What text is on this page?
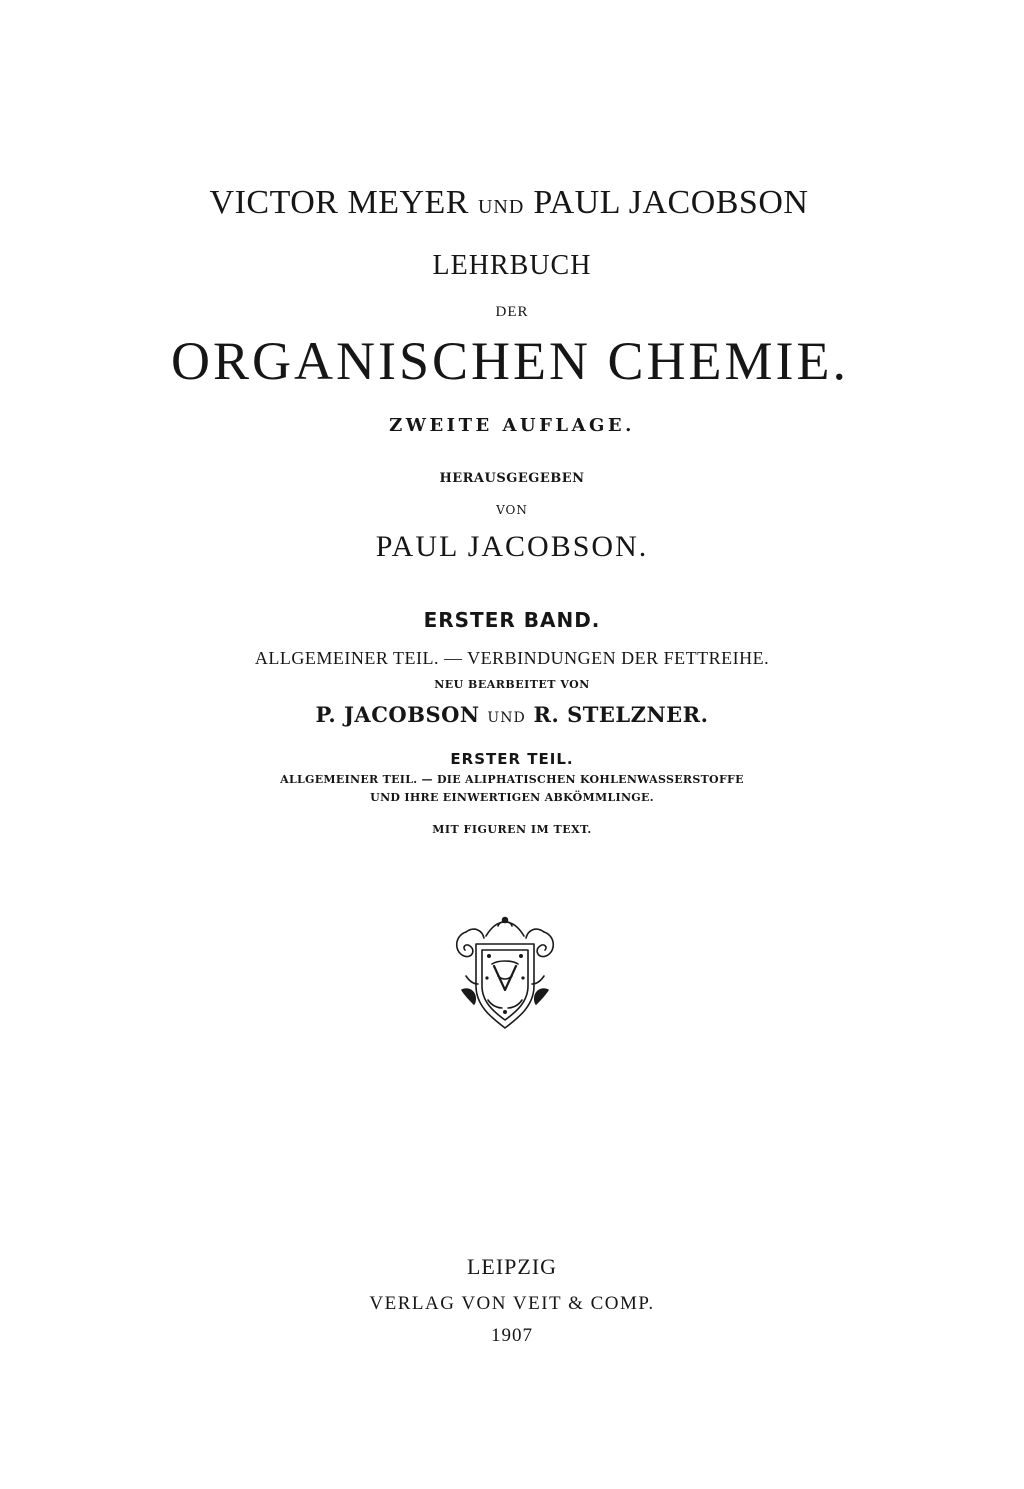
VICTOR MEYER UND PAUL JACOBSON
LEHRBUCH
DER
ORGANISCHEN CHEMIE.
ZWEITE AUFLAGE.
HERAUSGEGEBEN
VON
PAUL JACOBSON.
ERSTER BAND.
ALLGEMEINER TEIL. — VERBINDUNGEN DER FETTREIHE.
NEU BEARBEITET VON
P. JACOBSON UND R. STELZNER.
ERSTER TEIL.
ALLGEMEINER TEIL. — DIE ALIPHATISCHEN KOHLENWASSERSTOFFE
UND IHRE EINWERTIGEN ABKÖMMLINGE.
MIT FIGUREN IM TEXT.
LEIPZIG
VERLAG VON VEIT & COMP.
1907
